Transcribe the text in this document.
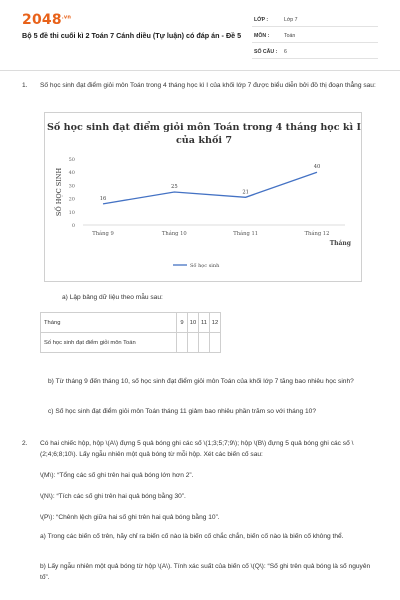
$2048^{.vn}$
Bộ 5 đề thi cuối kì 2 Toán 7 Cánh diều (Tự luận) có đáp án - Đề 5
LỚP :	Lớp 7
MÔN :	Toán
SỐ CÂU : 6
1. Số học sinh đạt điểm giỏi môn Toán trong 4 tháng học kì I của khối lớp 7 được biểu diễn bởi đồ thị đoạn thẳng sau:
Số học sinh đạt điểm giỏi môn Toán trong 4 tháng học kì I của khối 7
0
10
20
30
40
50
SỐ HỌC SINH
Tháng 9	Tháng 10	Tháng 11	Tháng 12
Tháng
16
25
21
40
Số học sinh
a) Lập bảng dữ liệu theo mẫu sau:
Tháng	9	10	11	12
Số học sinh đạt điểm giỏi môn Toán				
b) Từ tháng 9 đến tháng 10, số học sinh đạt điểm giỏi môn Toán của khối lớp 7 tăng bao nhiêu học sinh?
c) Số học sinh đạt điểm giỏi môn Toán tháng 11 giảm bao nhiêu phần trăm so với tháng 10?
2. Có hai chiếc hộp, hộp \(A\) đựng 5 quả bóng ghi các số \(1;3;5;7;9\); hộp \(B\) đựng 5 quả bóng ghi các số \(2;4;6;8;10\). Lấy ngẫu nhiên một quả bóng từ mỗi hộp. Xét các biến cố sau:
\(M\): “Tổng các số ghi trên hai quả bóng lớn hơn 2”.
\(N\): “Tích các số ghi trên hai quả bóng bằng 30”.
\(P\): “Chênh lệch giữa hai số ghi trên hai quả bóng bằng 10”.
a) Trong các biến cố trên, hãy chỉ ra biến cố nào là biến cố chắc chắn, biến cố nào là biến cố không thể.
b) Lấy ngẫu nhiên một quả bóng từ hộp \(A\). Tính xác suất của biến cố \(Q\): “Số ghi trên quả bóng là số nguyên tố”.
